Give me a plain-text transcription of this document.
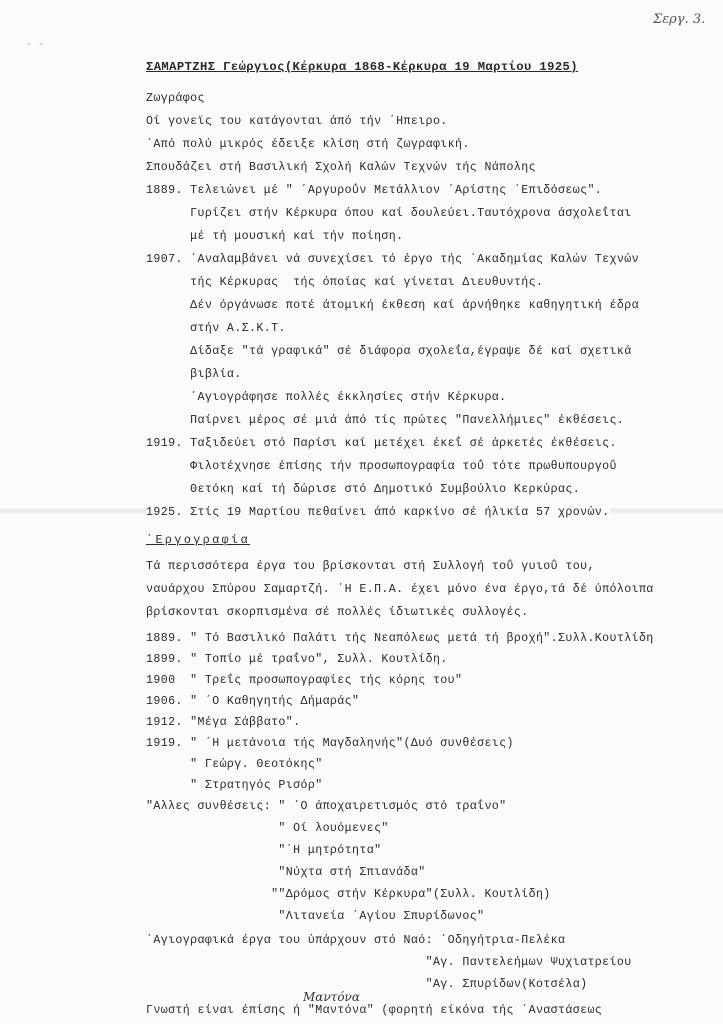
Σεργ. 3.
- -
ΣΑΜΑΡΤΖΗΣ Γεώργιος(Κέρκυρα 1868-Κέρκυρα 19 Μαρτίου 1925)
Ζωγράφος
Οί γονεϊς του κατάγονται άπό τήν ΄Ηπειρο.
΄Από πολύ μικρός έδειξε κλίση στή ζωγραφική.
Σπουδάζει στή Βασιλική Σχολή Καλών Τεχνών τής Νάπολης
1889. Τελειώνει μέ " ΄Αργυροΰν Μετάλλιον ΄Αρίστης ΄Επιδόσεως".
Γυρίζει στήν Κέρκυρα όπου καί δουλεύει.Ταυτόχρονα άσχολεΐται
μέ τή μουσική καί τήν ποίηση.
1907. ΄Αναλαμβάνει νά συνεχίσει τό έργο τής ΄Ακαδημίας Καλών Τεχνών
τής Κέρκυρας  τής όποίας καί γίνεται Διευθυντής.
Δέν όργάνωσε ποτέ άτομική έκθεση καί άρνήθηκε καθηγητική έδρα
στήν Α.Σ.Κ.Τ.
Δίδαξε "τά γραφικά" σέ διάφορα σχολεΐα,έγραψε δέ καί σχετικά
βιβλία.
΄Αγιογράφησε πολλές έκκλησίες στήν Κέρκυρα.
Παίρνει μέρος σέ μιά άπό τίς πρώτες "Πανελλήμιες" έκθέσεις.
1919. Ταξιδεύει στό Παρίσι καί μετέχει έκεΐ σέ άρκετές έκθέσεις.
Φιλοτέχνησε έπίσης τήν προσωπογραφία τοΰ τότε πρωθυπουργοΰ
Θετόκη καί τή δώρισε στό Δημοτικό Συμβούλιο Κερκύρας.
1925. Στίς 19 Μαρτίου πεθαίνει άπό καρκίνο σέ ήλικία 57 χρονών.
΄Εργογραφία
Τά περισσότερα έργα του βρίσκονται στή Συλλογή τοΰ γυιοΰ του,
ναυάρχου Σπύρου Σαμαρτζή. ΄Η Ε.Π.Α. έχει μόνο ένα έργο,τά δέ ύπόλοιπα
βρίσκονται σκορπισμένα σέ πολλές ίδιωτικές συλλογές.
1889. " Τό Βασιλικό Παλάτι τής Νεαπόλεως μετά τή βροχή".Συλλ.Κουτλίδη
1899. " Τοπίο μέ τραΐνο", Συλλ. Κουτλίδη.
1900  " Τρεΐς προσωπογραφίες τής κόρης του"
1906. " ΄Ο Καθηγητής Δήμαράς"
1912. "Μέγα Σάββατο".
1919. " ΄Η μετάνοια τής Μαγδαληνής"(Δυό συνθέσεις)
" Γεώργ. Θεοτόκης"
" Στρατηγός Ρισόρ"
"Αλλες συνθέσεις: " ΄Ο άποχαιρετισμός στό τραΐνο"
" Οί λουόμενες"
"΄Η μητρότητα"
"Νύχτα στή Σπιανάδα"
""Δρόμος στήν Κέρκυρα"(Συλλ. Κουτλίδη)
"Λιτανεία ΄Αγίου Σπυρίδωνος"
΄Αγιογραφικά έργα του ύπάρχουν στό Ναό: ΄Οδηγήτρια-Πελέκα
"Αγ. Παντελεήμων Ψυχιατρείου
"Αγ. Σπυρίδων(Κοτσέλα)
Γνωστή είναι έπίσης ή "Μαντόνα" (φορητή είκόνα τής ΄Αναστάσεως
Μαντόνα
